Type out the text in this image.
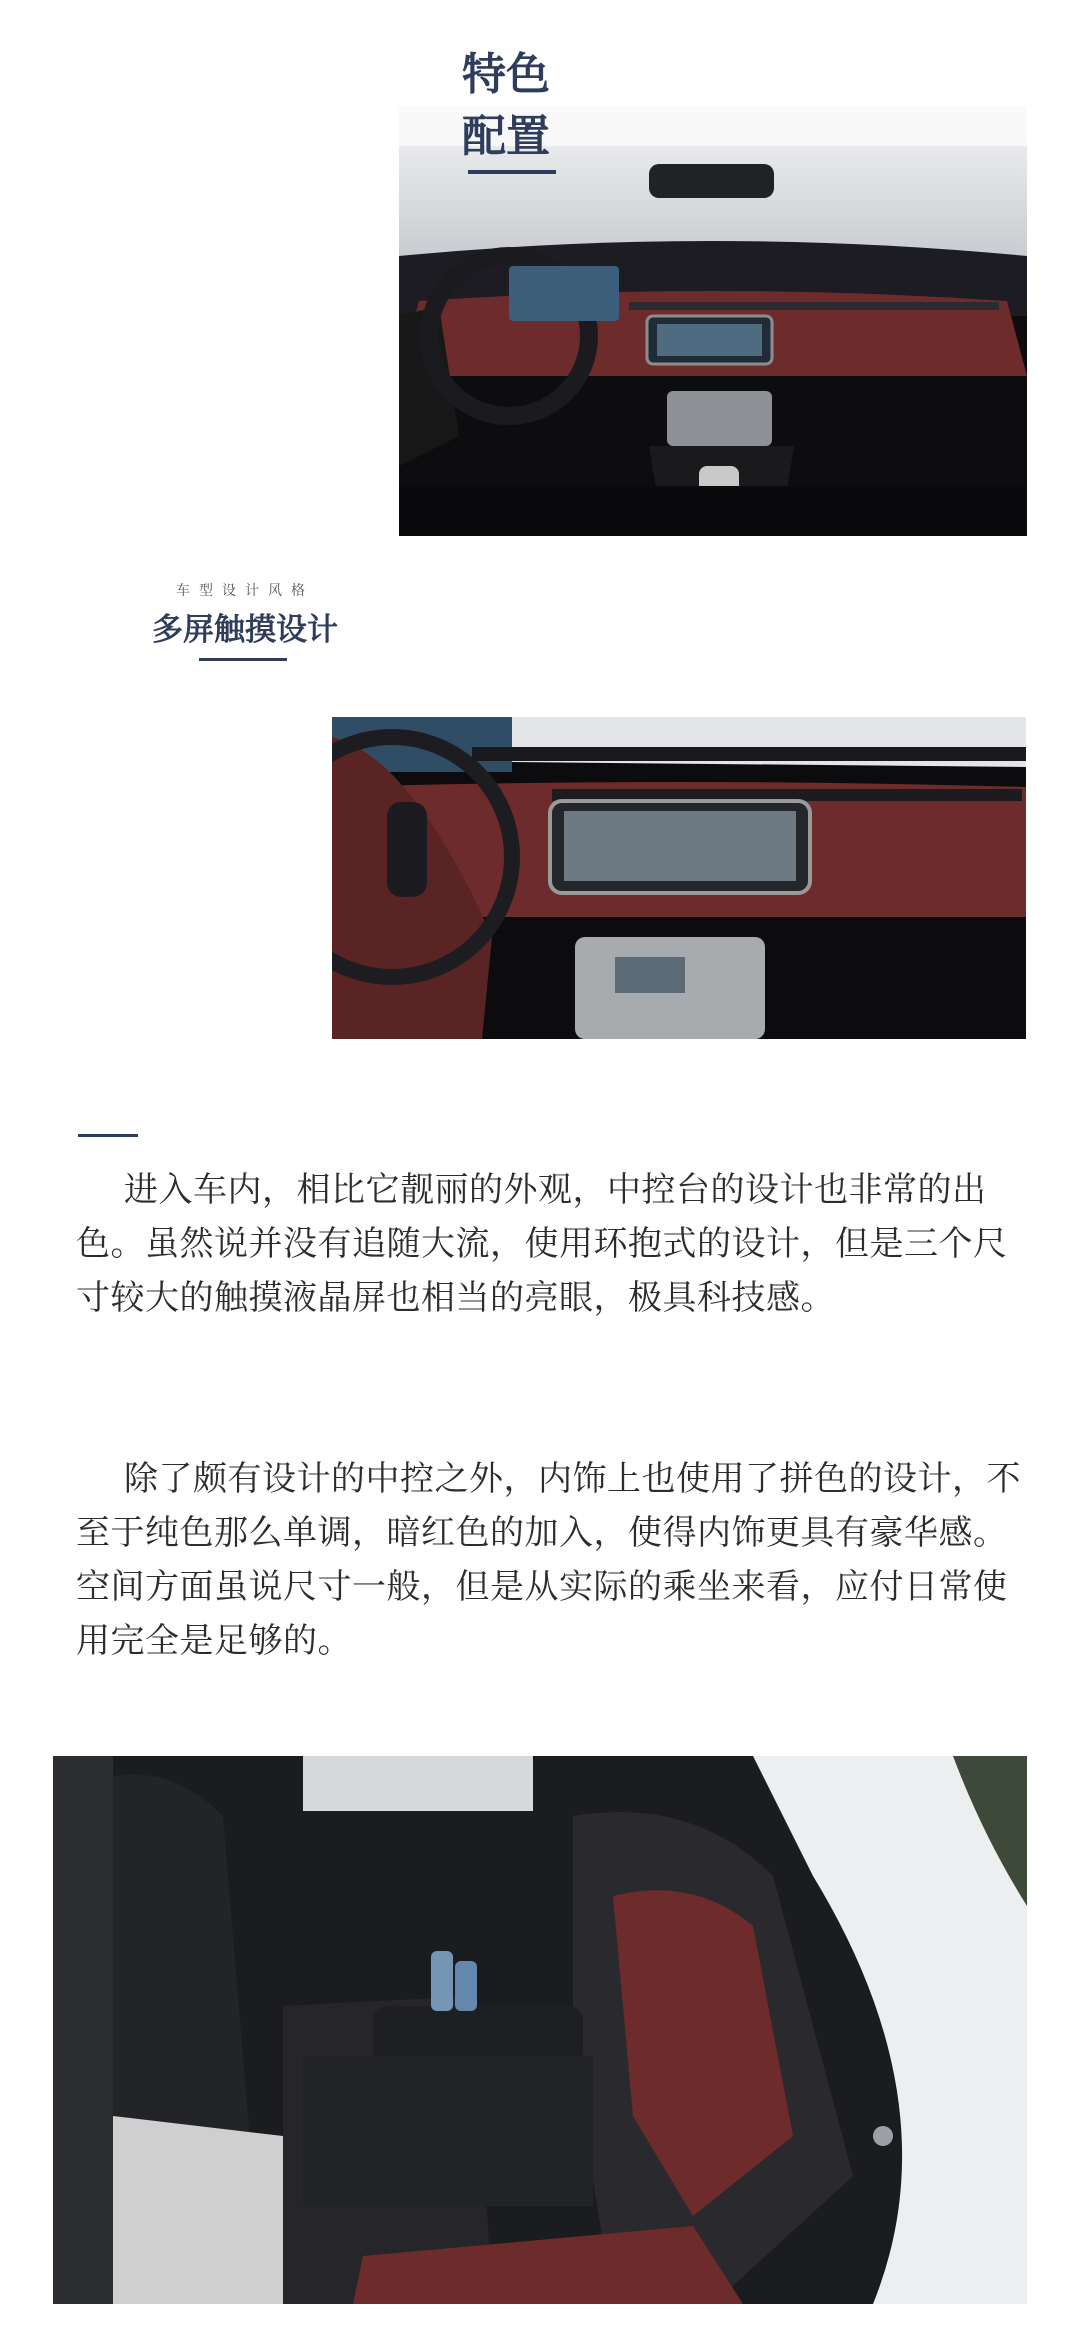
特色
配置
车型设计风格
多屏触摸设计
进入车内，相比它靓丽的外观，中控台的设计也非常的出色。虽然说并没有追随大流，使用环抱式的设计，但是三个尺寸较大的触摸液晶屏也相当的亮眼，极具科技感。
除了颇有设计的中控之外，内饰上也使用了拼色的设计，不至于纯色那么单调，暗红色的加入，使得内饰更具有豪华感。空间方面虽说尺寸一般，但是从实际的乘坐来看，应付日常使用完全是足够的。
